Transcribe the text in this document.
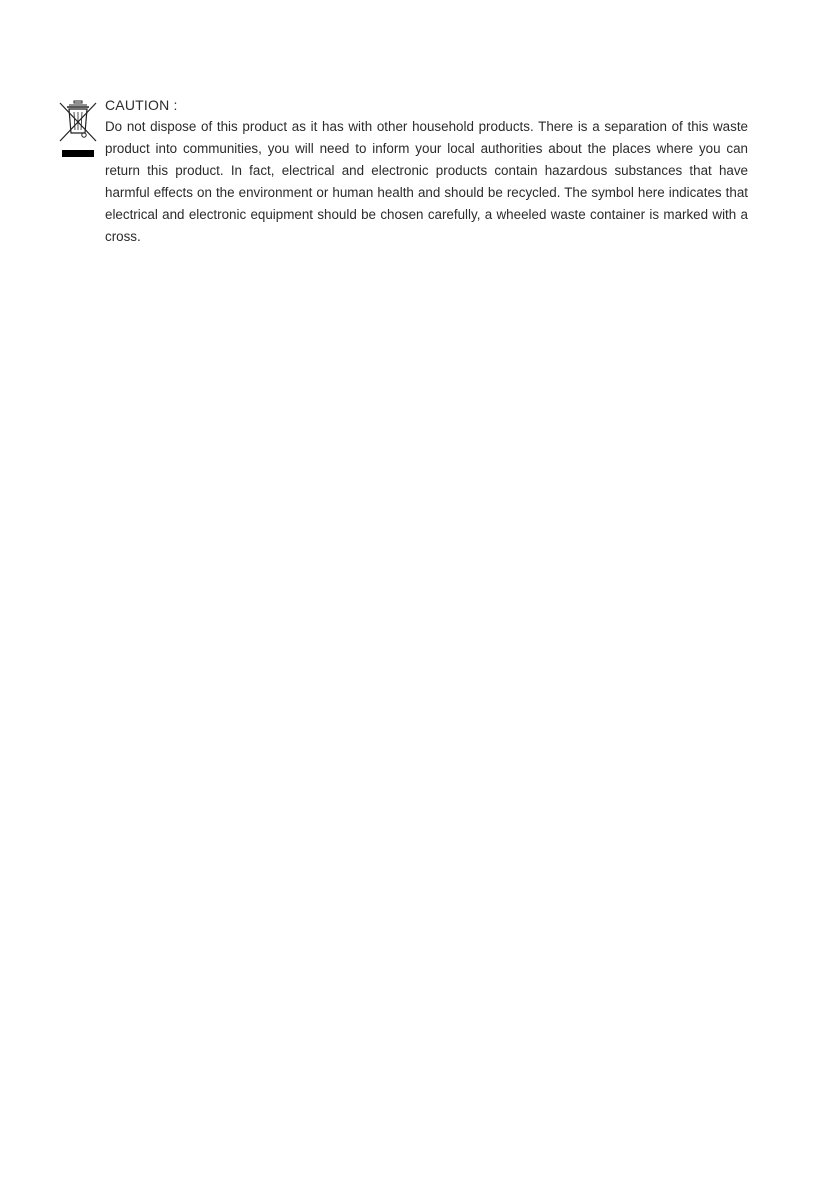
CAUTION :

Do not dispose of this product as it has with other household products. There is a separation of this waste product into communities, you will need to inform your local authorities about the places where you can return this product. In fact, electrical and electronic products contain hazardous substances that have harmful effects on the environment or human health and should be recycled. The symbol here indicates that electrical and electronic equipment should be chosen carefully, a wheeled waste container is marked with a cross.
